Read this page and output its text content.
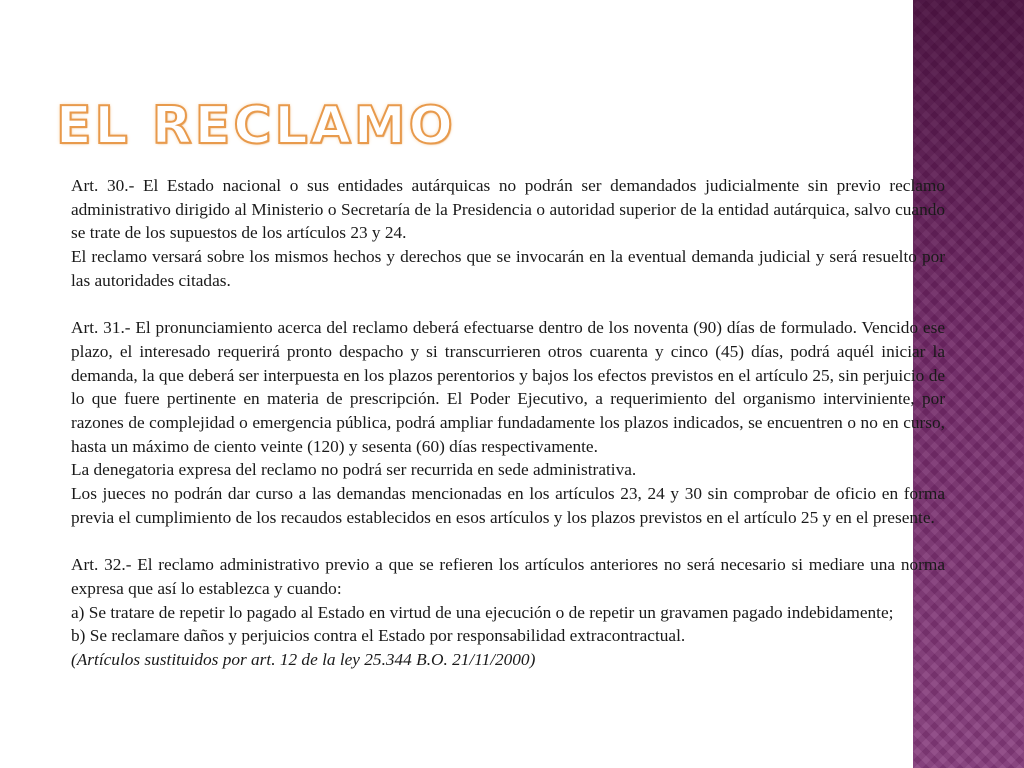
EL RECLAMO

Art. 30.- El Estado nacional o sus entidades autárquicas no podrán ser demandados judicialmente sin previo reclamo administrativo dirigido al Ministerio o Secretaría de la Presidencia o autoridad superior de la entidad autárquica, salvo cuando se trate de los supuestos de los artículos 23 y 24.

El reclamo versará sobre los mismos hechos y derechos que se invocarán en la eventual demanda judicial y será resuelto por las autoridades citadas.

Art. 31.- El pronunciamiento acerca del reclamo deberá efectuarse dentro de los noventa (90) días de formulado. Vencido ese plazo, el interesado requerirá pronto despacho y si transcurrieren otros cuarenta y cinco (45) días, podrá aquél iniciar la demanda, la que deberá ser interpuesta en los plazos perentorios y bajos los efectos previstos en el artículo 25, sin perjuicio de lo que fuere pertinente en materia de prescripción. El Poder Ejecutivo, a requerimiento del organismo interviniente, por razones de complejidad o emergencia pública, podrá ampliar fundadamente los plazos indicados, se encuentren o no en curso, hasta un máximo de ciento veinte (120) y sesenta (60) días respectivamente.

La denegatoria expresa del reclamo no podrá ser recurrida en sede administrativa.

Los jueces no podrán dar curso a las demandas mencionadas en los artículos 23, 24 y 30 sin comprobar de oficio en forma previa el cumplimiento de los recaudos establecidos en esos artículos y los plazos previstos en el artículo 25 y en el presente.

Art. 32.- El reclamo administrativo previo a que se refieren los artículos anteriores no será necesario si mediare una norma expresa que así lo establezca y cuando:

a) Se tratare de repetir lo pagado al Estado en virtud de una ejecución o de repetir un gravamen pagado indebidamente;

b) Se reclamare daños y perjuicios contra el Estado por responsabilidad extracontractual.

(Artículos sustituidos por art. 12 de la ley 25.344 B.O. 21/11/2000)
